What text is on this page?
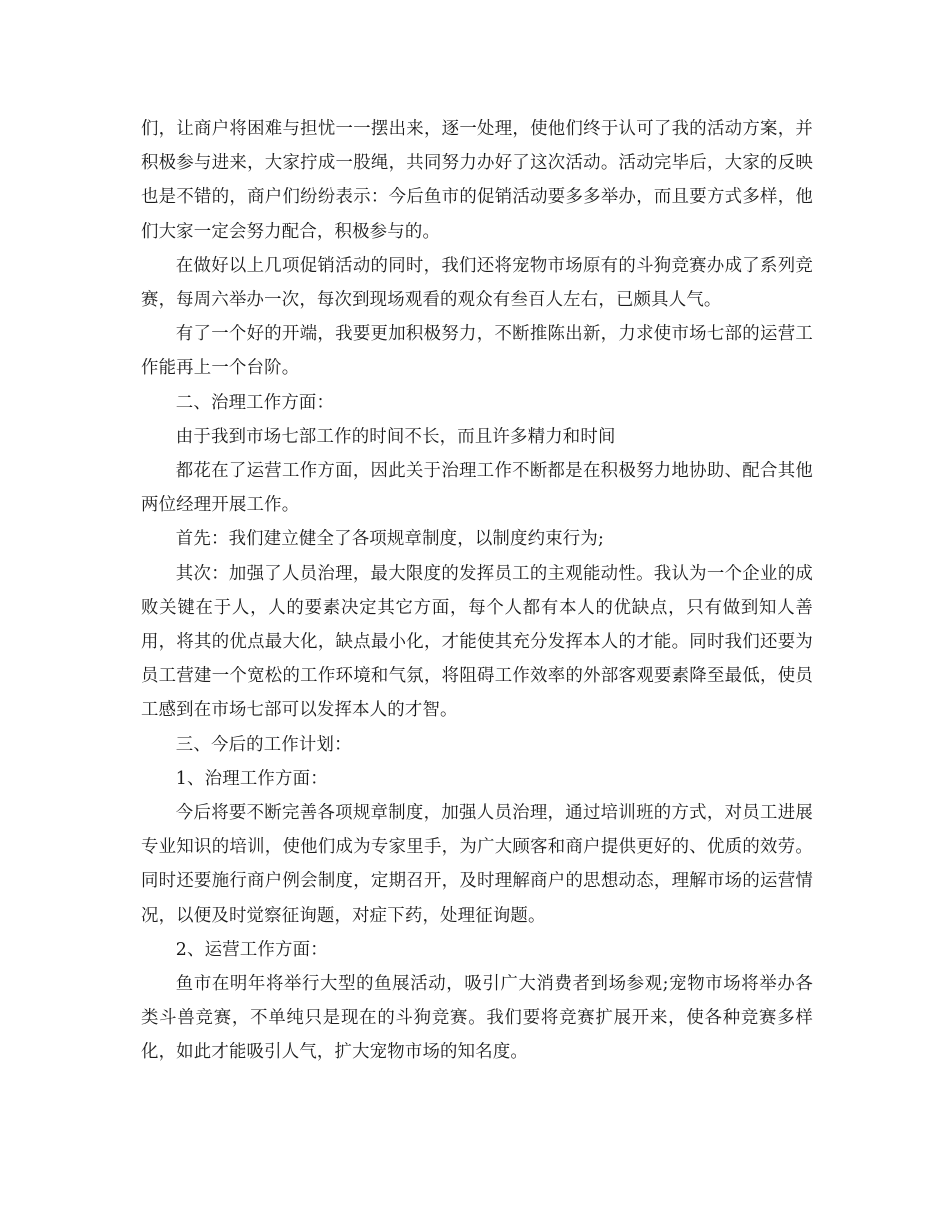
们，让商户将困难与担忧一一摆出来，逐一处理，使他们终于认可了我的活动方案，并积极参与进来，大家拧成一股绳，共同努力办好了这次活动。活动完毕后，大家的反映也是不错的，商户们纷纷表示：今后鱼市的促销活动要多多举办，而且要方式多样，他们大家一定会努力配合，积极参与的。

在做好以上几项促销活动的同时，我们还将宠物市场原有的斗狗竞赛办成了系列竞赛，每周六举办一次，每次到现场观看的观众有叁百人左右，已颇具人气。

有了一个好的开端，我要更加积极努力，不断推陈出新，力求使市场七部的运营工作能再上一个台阶。

二、治理工作方面：

由于我到市场七部工作的时间不长，而且许多精力和时间

都花在了运营工作方面，因此关于治理工作不断都是在积极努力地协助、配合其他两位经理开展工作。

首先：我们建立健全了各项规章制度，以制度约束行为;

其次：加强了人员治理，最大限度的发挥员工的主观能动性。我认为一个企业的成败关键在于人，人的要素决定其它方面，每个人都有本人的优缺点，只有做到知人善用，将其的优点最大化，缺点最小化，才能使其充分发挥本人的才能。同时我们还要为员工营建一个宽松的工作环境和气氛，将阻碍工作效率的外部客观要素降至最低，使员工感到在市场七部可以发挥本人的才智。

三、今后的工作计划：

1、治理工作方面：

今后将要不断完善各项规章制度，加强人员治理，通过培训班的方式，对员工进展专业知识的培训，使他们成为专家里手，为广大顾客和商户提供更好的、优质的效劳。同时还要施行商户例会制度，定期召开，及时理解商户的思想动态，理解市场的运营情况，以便及时觉察征询题，对症下药，处理征询题。

2、运营工作方面：

鱼市在明年将举行大型的鱼展活动，吸引广大消费者到场参观;宠物市场将举办各类斗兽竞赛，不单纯只是现在的斗狗竞赛。我们要将竞赛扩展开来，使各种竞赛多样化，如此才能吸引人气，扩大宠物市场的知名度。
